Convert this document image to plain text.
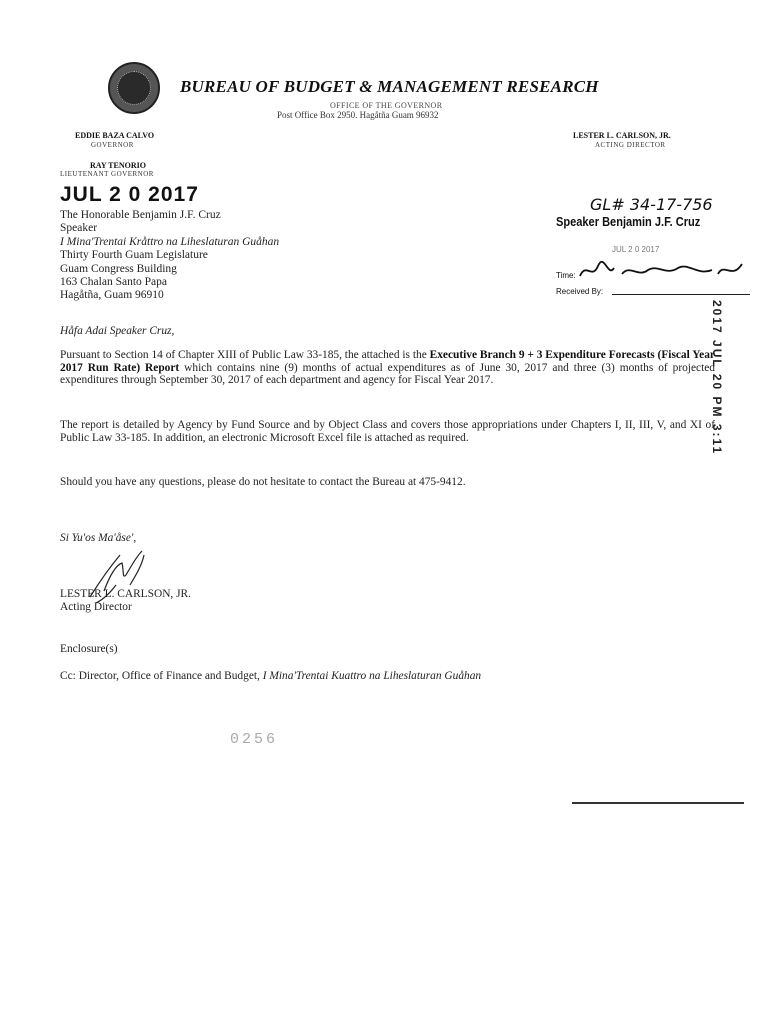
BUREAU OF BUDGET & MANAGEMENT RESEARCH
OFFICE OF THE GOVERNOR
Post Office Box 2950. Hagåtña Guam 96932
EDDIE BAZA CALVO
GOVERNOR
RAY TENORIO
LIEUTENANT GOVERNOR
LESTER L. CARLSON, JR.
ACTING DIRECTOR
JUL 2 0 2017
The Honorable Benjamin J.F. Cruz
Speaker
I Mina'Trentai Kråttro na Liheslaturan Guåhan
Thirty Fourth Guam Legislature
Guam Congress Building
163 Chalan Santo Papa
Hagåtña, Guam 96910
GL# 34-17-756
Speaker Benjamin J.F. Cruz
JUL 2 0 2017
Time:
Received By:
2017 JUL 20 PM 3:11
Håfa Adai Speaker Cruz,
Pursuant to Section 14 of Chapter XIII of Public Law 33-185, the attached is the Executive Branch 9 + 3 Expenditure Forecasts (Fiscal Year 2017 Run Rate) Report which contains nine (9) months of actual expenditures as of June 30, 2017 and three (3) months of projected expenditures through September 30, 2017 of each department and agency for Fiscal Year 2017.
The report is detailed by Agency by Fund Source and by Object Class and covers those appropriations under Chapters I, II, III, V, and XI of Public Law 33-185. In addition, an electronic Microsoft Excel file is attached as required.
Should you have any questions, please do not hesitate to contact the Bureau at 475-9412.
Si Yu'os Ma'åse',
LESTER L. CARLSON, JR.
Acting Director
Enclosure(s)
Cc: Director, Office of Finance and Budget, I Mina'Trentai Kuattro na Liheslaturan Guåhan
0256
